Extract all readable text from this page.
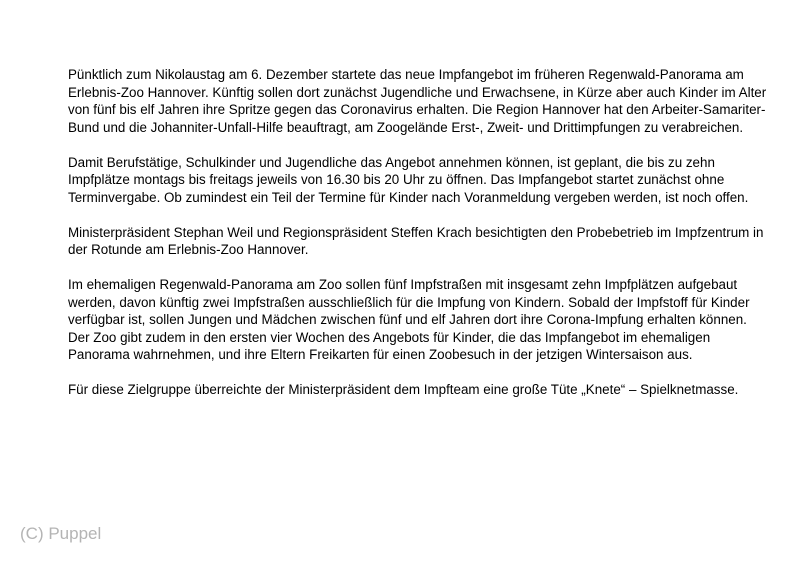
Pünktlich zum Nikolaustag am 6. Dezember startete das neue Impfangebot im früheren Regenwald-Panorama am Erlebnis-Zoo Hannover. Künftig sollen dort zunächst Jugendliche und Erwachsene, in Kürze aber auch Kinder im Alter von fünf bis elf Jahren ihre Spritze gegen das Coronavirus erhalten. Die Region Hannover hat den Arbeiter-Samariter-Bund und die Johanniter-Unfall-Hilfe beauftragt, am Zoogelände Erst-, Zweit- und Drittimpfungen zu verabreichen.

Damit Berufstätige, Schulkinder und Jugendliche das Angebot annehmen können, ist geplant, die bis zu zehn Impfplätze montags bis freitags jeweils von 16.30 bis 20 Uhr zu öffnen. Das Impfangebot startet zunächst ohne Terminvergabe. Ob zumindest ein Teil der Termine für Kinder nach Voranmeldung vergeben werden, ist noch offen.

Ministerpräsident Stephan Weil und Regionspräsident Steffen Krach besichtigten den Probebetrieb im Impfzentrum in der Rotunde am Erlebnis-Zoo Hannover.

Im ehemaligen Regenwald-Panorama am Zoo sollen fünf Impfstraßen mit insgesamt zehn Impfplätzen aufgebaut werden, davon künftig zwei Impfstraßen ausschließlich für die Impfung von Kindern. Sobald der Impfstoff für Kinder verfügbar ist, sollen Jungen und Mädchen zwischen fünf und elf Jahren dort ihre Corona-Impfung erhalten können. Der Zoo gibt zudem in den ersten vier Wochen des Angebots für Kinder, die das Impfangebot im ehemaligen Panorama wahrnehmen, und ihre Eltern Freikarten für einen Zoobesuch in der jetzigen Wintersaison aus.

Für diese Zielgruppe überreichte der Ministerpräsident dem Impfteam eine große Tüte „Knete“ – Spielknetmasse.

(C) Puppel
